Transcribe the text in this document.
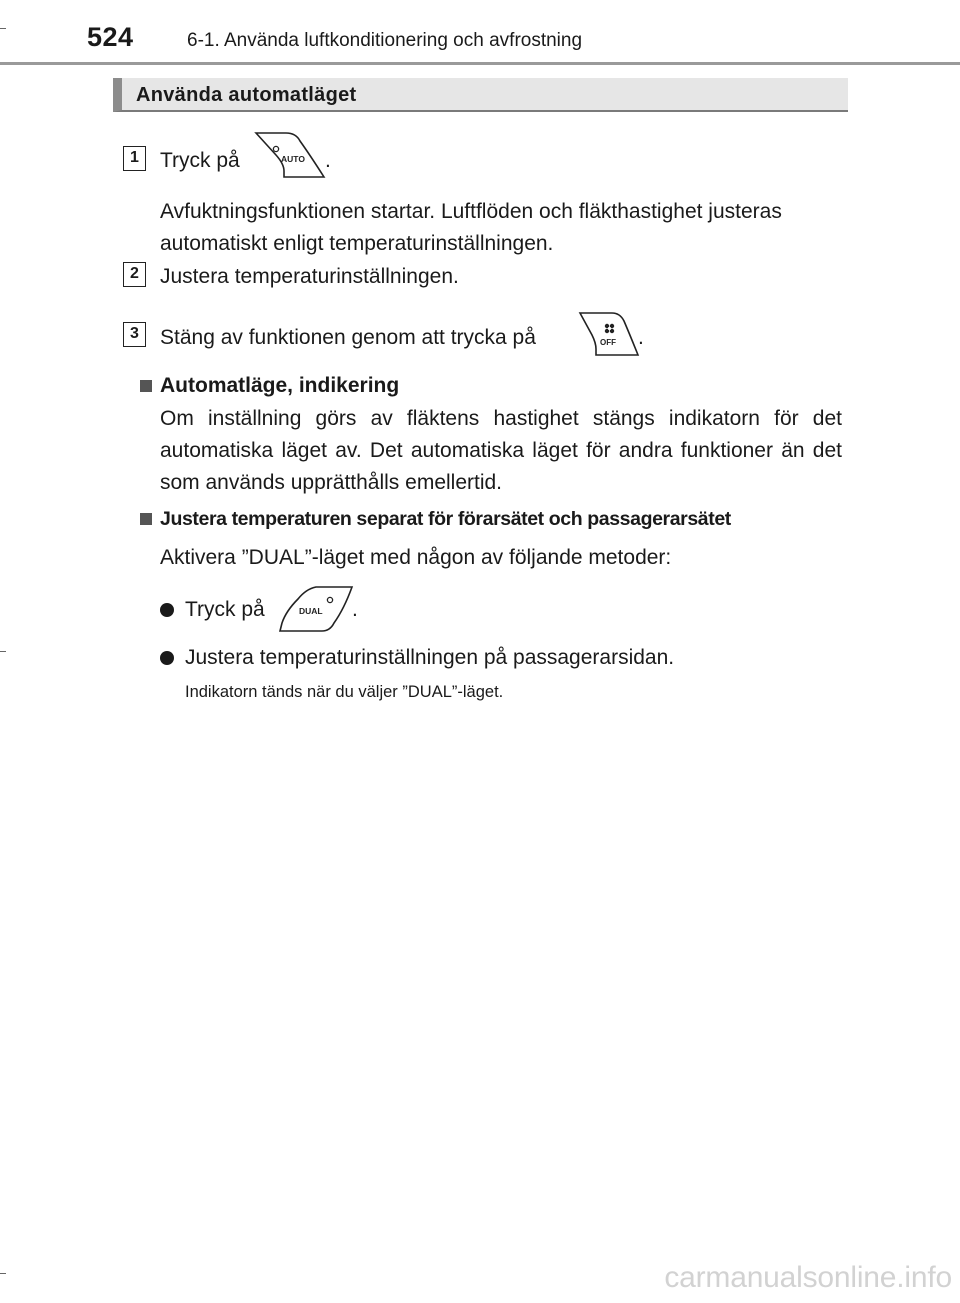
524	6-1. Använda luftkonditionering och avfrostning
Använda automatläget
1	Tryck på	AUTO .
Avfuktningsfunktionen startar. Luftflöden och fläkthastighet justeras automatiskt enligt temperaturinställningen.
2	Justera temperaturinställningen.
3	Stäng av funktionen genom att trycka på	OFF .
Automatläge, indikering
Om inställning görs av fläktens hastighet stängs indikatorn för det automatiska läget av. Det automatiska läget för andra funktioner än det som används upprätthålls emellertid.
Justera temperaturen separat för förarsätet och passagerarsätet
Aktivera ”DUAL”-läget med någon av följande metoder:
Tryck på	DUAL .
Justera temperaturinställningen på passagerarsidan.
Indikatorn tänds när du väljer ”DUAL”-läget.
carmanualsonline.info
